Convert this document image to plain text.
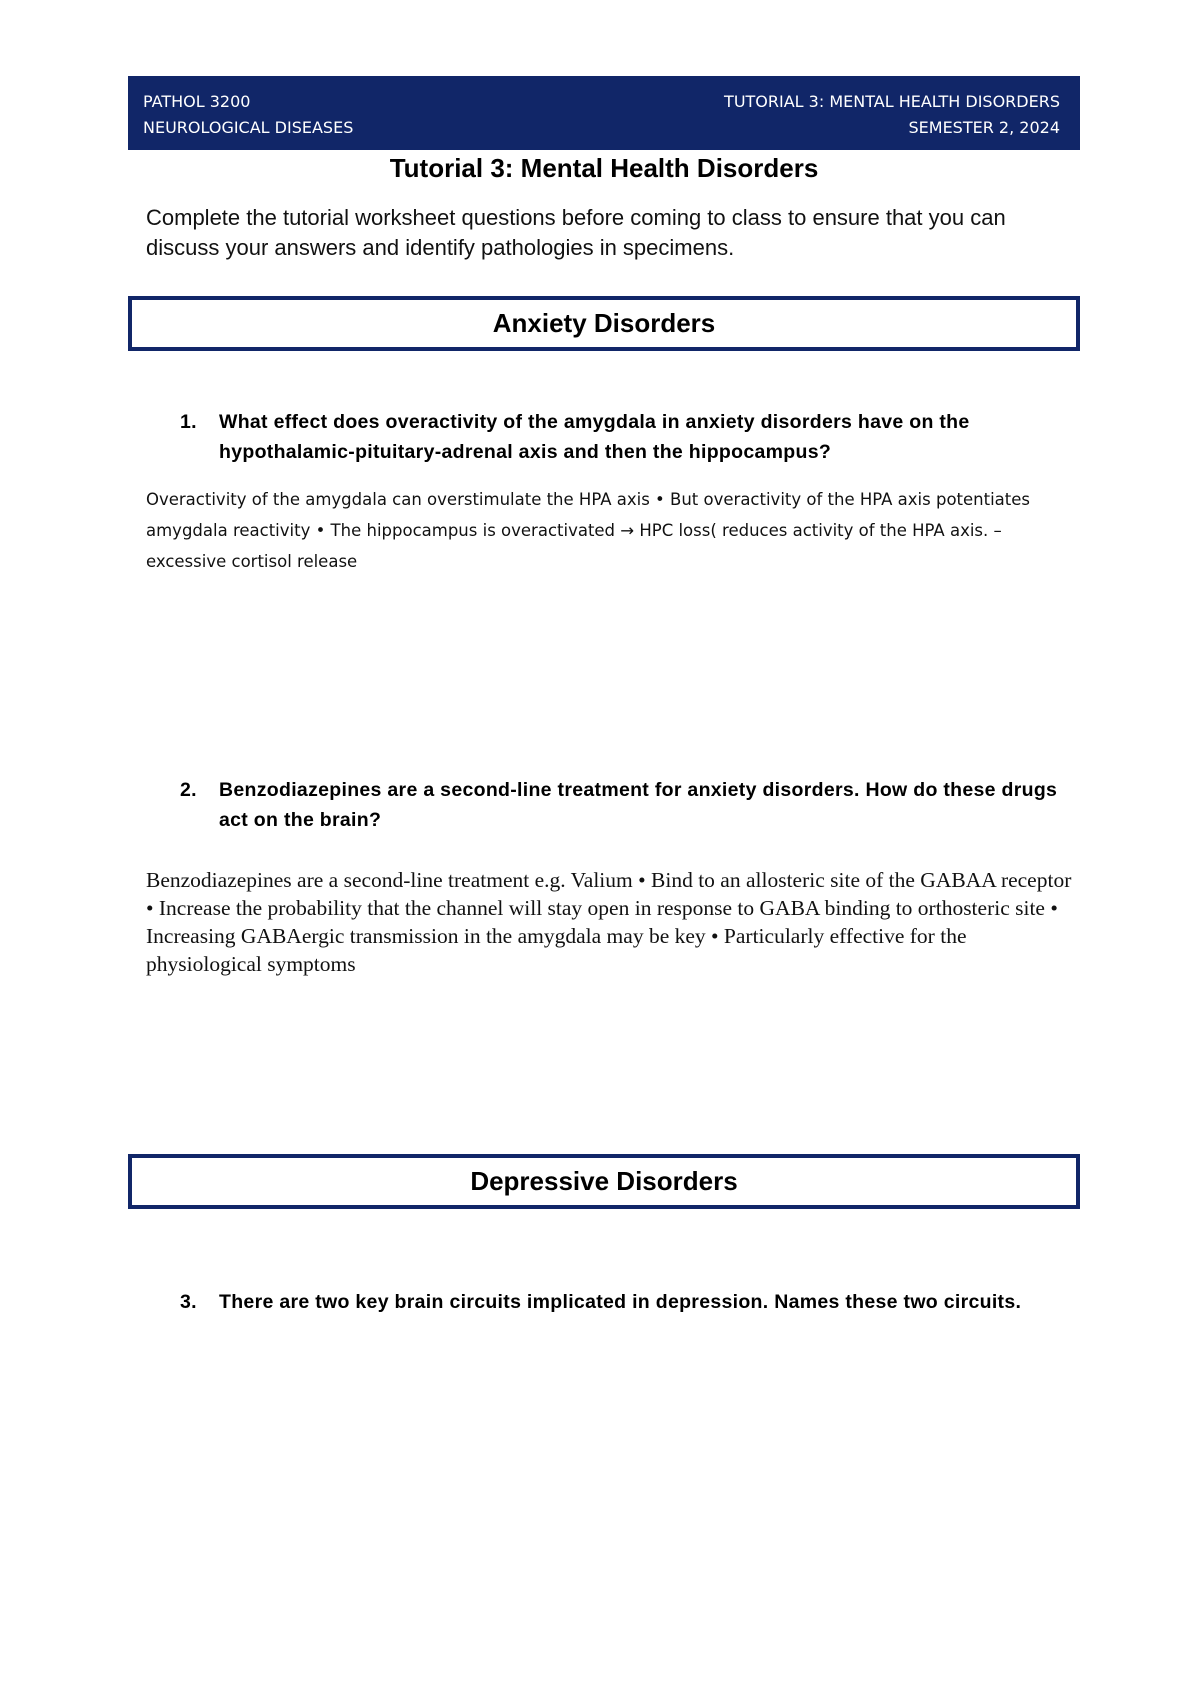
PATHOL 3200	TUTORIAL 3: MENTAL HEALTH DISORDERS
NEUROLOGICAL DISEASES	SEMESTER 2, 2024
Tutorial 3: Mental Health Disorders
Complete the tutorial worksheet questions before coming to class to ensure that you can discuss your answers and identify pathologies in specimens.
Anxiety Disorders
1.	What effect does overactivity of the amygdala in anxiety disorders have on the hypothalamic-pituitary-adrenal axis and then the hippocampus?
Overactivity of the amygdala can overstimulate the HPA axis • But overactivity of the HPA axis potentiates amygdala reactivity • The hippocampus is overactivated → HPC loss( reduces activity of the HPA axis. – excessive cortisol release
2.	Benzodiazepines are a second-line treatment for anxiety disorders. How do these drugs act on the brain?
Benzodiazepines are a second-line treatment e.g. Valium • Bind to an allosteric site of the GABAA receptor • Increase the probability that the channel will stay open in response to GABA binding to orthosteric site • Increasing GABAergic transmission in the amygdala may be key • Particularly effective for the physiological symptoms
Depressive Disorders
3.	There are two key brain circuits implicated in depression. Names these two circuits.
